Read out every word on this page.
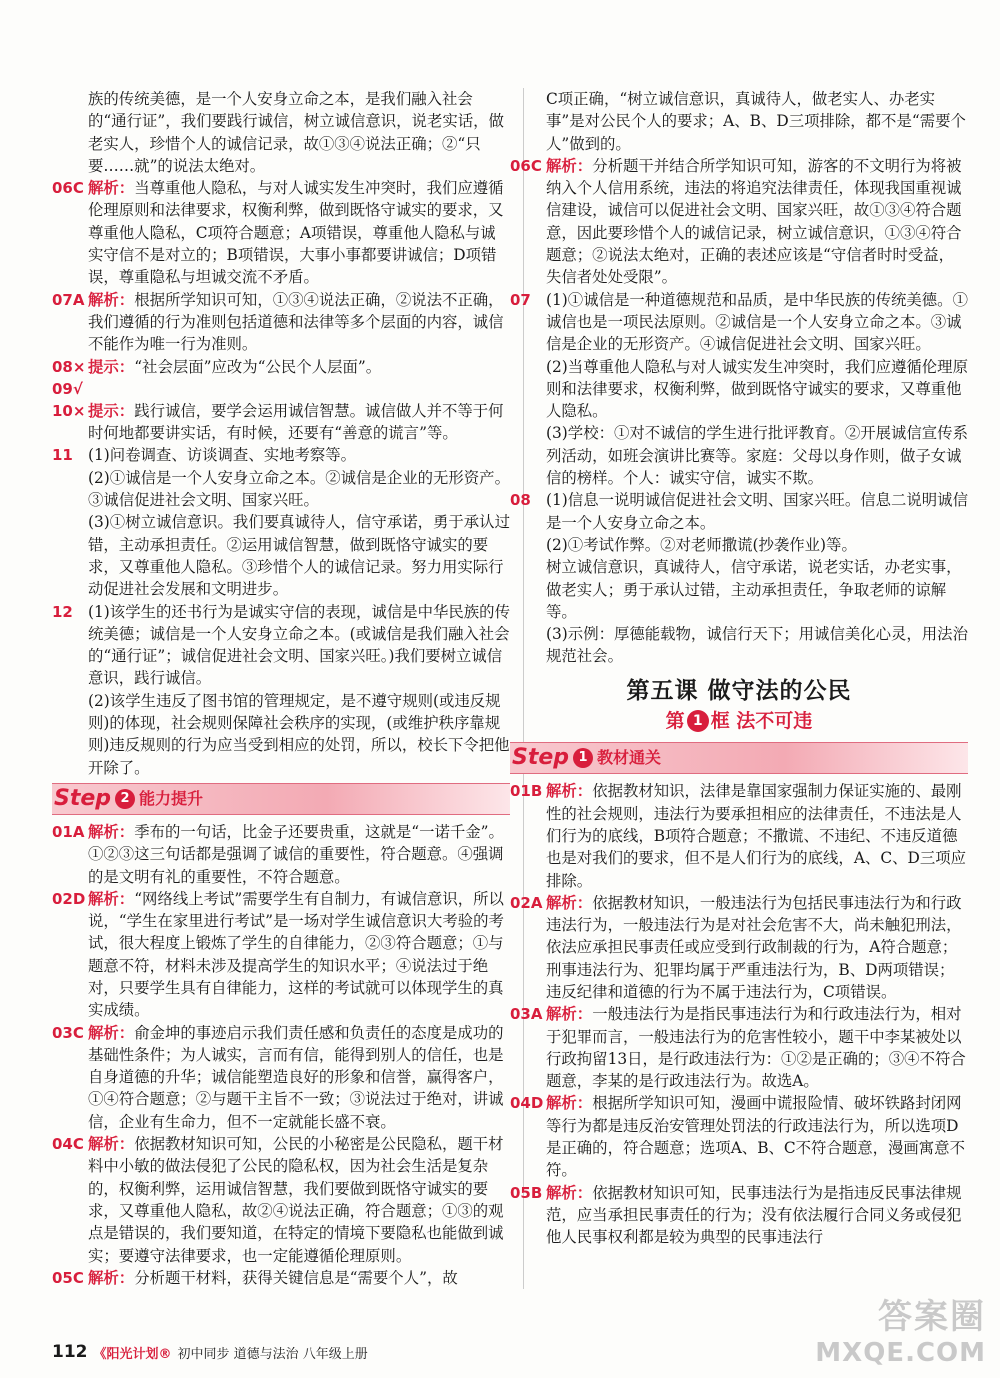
族的传统美德，是一个人安身立命之本，是我们融入社会的“通行证”，我们要践行诚信，树立诚信意识，说老实话，做老实人，珍惜个人的诚信记录，故①③④说法正确；②“只要……就”的说法太绝对。
06C 解析：当尊重他人隐私，与对人诚实发生冲突时，我们应遵循伦理原则和法律要求，权衡利弊，做到既恪守诚实的要求，又尊重他人隐私，C项符合题意；A项错误，尊重他人隐私与诚实守信不是对立的；B项错误，大事小事都要讲诚信；D项错误，尊重隐私与坦诚交流不矛盾。
07A 解析：根据所学知识可知，①③④说法正确，②说法不正确，我们遵循的行为准则包括道德和法律等多个层面的内容，诚信不能作为唯一行为准则。
08× 提示：“社会层面”应改为“公民个人层面”。
09√
10× 提示：践行诚信，要学会运用诚信智慧。诚信做人并不等于何时何地都要讲实话，有时候，还要有“善意的谎言”等。
11 (1)问卷调查、访谈调查、实地考察等。
(2)①诚信是一个人安身立命之本。②诚信是企业的无形资产。③诚信促进社会文明、国家兴旺。
(3)①树立诚信意识。我们要真诚待人，信守承诺，勇于承认过错，主动承担责任。②运用诚信智慧，做到既恪守诚实的要求，又尊重他人隐私。③珍惜个人的诚信记录。努力用实际行动促进社会发展和文明进步。
12 (1)该学生的还书行为是诚实守信的表现，诚信是中华民族的传统美德；诚信是一个人安身立命之本。(或诚信是我们融入社会的“通行证”；诚信促进社会文明、国家兴旺。)我们要树立诚信意识，践行诚信。
(2)该学生违反了图书馆的管理规定，是不遵守规则(或违反规则)的体现，社会规则保障社会秩序的实现，(或维护秩序靠规则)违反规则的行为应当受到相应的处罚，所以，校长下令把他开除了。
Step 2 能力提升
01A 解析：季布的一句话，比金子还要贵重，这就是“一诺千金”。①②③这三句话都是强调了诚信的重要性，符合题意。④强调的是文明有礼的重要性，不符合题意。
02D 解析：“网络线上考试”需要学生有自制力，有诚信意识，所以说，“学生在家里进行考试”是一场对学生诚信意识大考验的考试，很大程度上锻炼了学生的自律能力，②③符合题意；①与题意不符，材料未涉及提高学生的知识水平；④说法过于绝对，只要学生具有自律能力，这样的考试就可以体现学生的真实成绩。
03C 解析：俞金坤的事迹启示我们责任感和负责任的态度是成功的基础性条件；为人诚实，言而有信，能得到别人的信任，也是自身道德的升华；诚信能塑造良好的形象和信誉，赢得客户，①④符合题意；②与题干主旨不一致；③说法过于绝对，讲诚信，企业有生命力，但不一定就能长盛不衰。
04C 解析：依据教材知识可知，公民的小秘密是公民隐私，题干材料中小敏的做法侵犯了公民的隐私权，因为社会生活是复杂的，权衡利弊，运用诚信智慧，我们要做到既恪守诚实的要求，又尊重他人隐私，故②④说法正确，符合题意；①③的观点是错误的，我们要知道，在特定的情境下要隐私也能做到诚实；要遵守法律要求，也一定能遵循伦理原则。
05C 解析：分析题干材料，获得关键信息是“需要个人”，故
C项正确，“树立诚信意识，真诚待人，做老实人、办老实事”是对公民个人的要求；A、B、D三项排除，都不是“需要个人”做到的。
06C 解析：分析题干并结合所学知识可知，游客的不文明行为将被纳入个人信用系统，违法的将追究法律责任，体现我国重视诚信建设，诚信可以促进社会文明、国家兴旺，故①③④符合题意，因此要珍惜个人的诚信记录，树立诚信意识，①③④符合题意；②说法太绝对，正确的表述应该是“守信者时时受益，失信者处处受限”。
07 (1)①诚信是一种道德规范和品质，是中华民族的传统美德。①诚信也是一项民法原则。②诚信是一个人安身立命之本。③诚信是企业的无形资产。④诚信促进社会文明、国家兴旺。
(2)当尊重他人隐私与对人诚实发生冲突时，我们应遵循伦理原则和法律要求，权衡利弊，做到既恪守诚实的要求，又尊重他人隐私。
(3)学校：①对不诚信的学生进行批评教育。②开展诚信宣传系列活动，如班会演讲比赛等。家庭：父母以身作则，做子女诚信的榜样。个人：诚实守信，诚实不欺。
08 (1)信息一说明诚信促进社会文明、国家兴旺。信息二说明诚信是一个人安身立命之本。
(2)①考试作弊。②对老师撒谎(抄袭作业)等。
树立诚信意识，真诚待人，信守承诺，说老实话，办老实事，做老实人；勇于承认过错，主动承担责任，争取老师的谅解等。
(3)示例：厚德能载物，诚信行天下；用诚信美化心灵，用法治规范社会。
第五课 做守法的公民
第 1 框 法不可违
Step 1 教材通关
01B 解析：依据教材知识，法律是靠国家强制力保证实施的、最刚性的社会规则，违法行为要承担相应的法律责任，不违法是人们行为的底线，B项符合题意；不撒谎、不违纪、不违反道德也是对我们的要求，但不是人们行为的底线，A、C、D三项应排除。
02A 解析：依据教材知识，一般违法行为包括民事违法行为和行政违法行为，一般违法行为是对社会危害不大，尚未触犯刑法，依法应承担民事责任或应受到行政制裁的行为，A符合题意；刑事违法行为、犯罪均属于严重违法行为，B、D两项错误；违反纪律和道德的行为不属于违法行为，C项错误。
03A 解析：一般违法行为是指民事违法行为和行政违法行为，相对于犯罪而言，一般违法行为的危害性较小，题干中李某被处以行政拘留13日，是行政违法行为：①②是正确的；③④不符合题意，李某的是行政违法行为。故选A。
04D 解析：根据所学知识可知，漫画中谎报险情、破坏铁路封闭网等行为都是违反治安管理处罚法的行政违法行为，所以选项D是正确的，符合题意；选项A、B、C不符合题意，漫画寓意不符。
05B 解析：依据教材知识可知，民事违法行为是指违反民事法律规范，应当承担民事责任的行为；没有依法履行合同义务或侵犯他人民事权利都是较为典型的民事违法行
112 《阳光计划® 初中同步 道德与法治 八年级上册
答案圈
MXQE.COM
